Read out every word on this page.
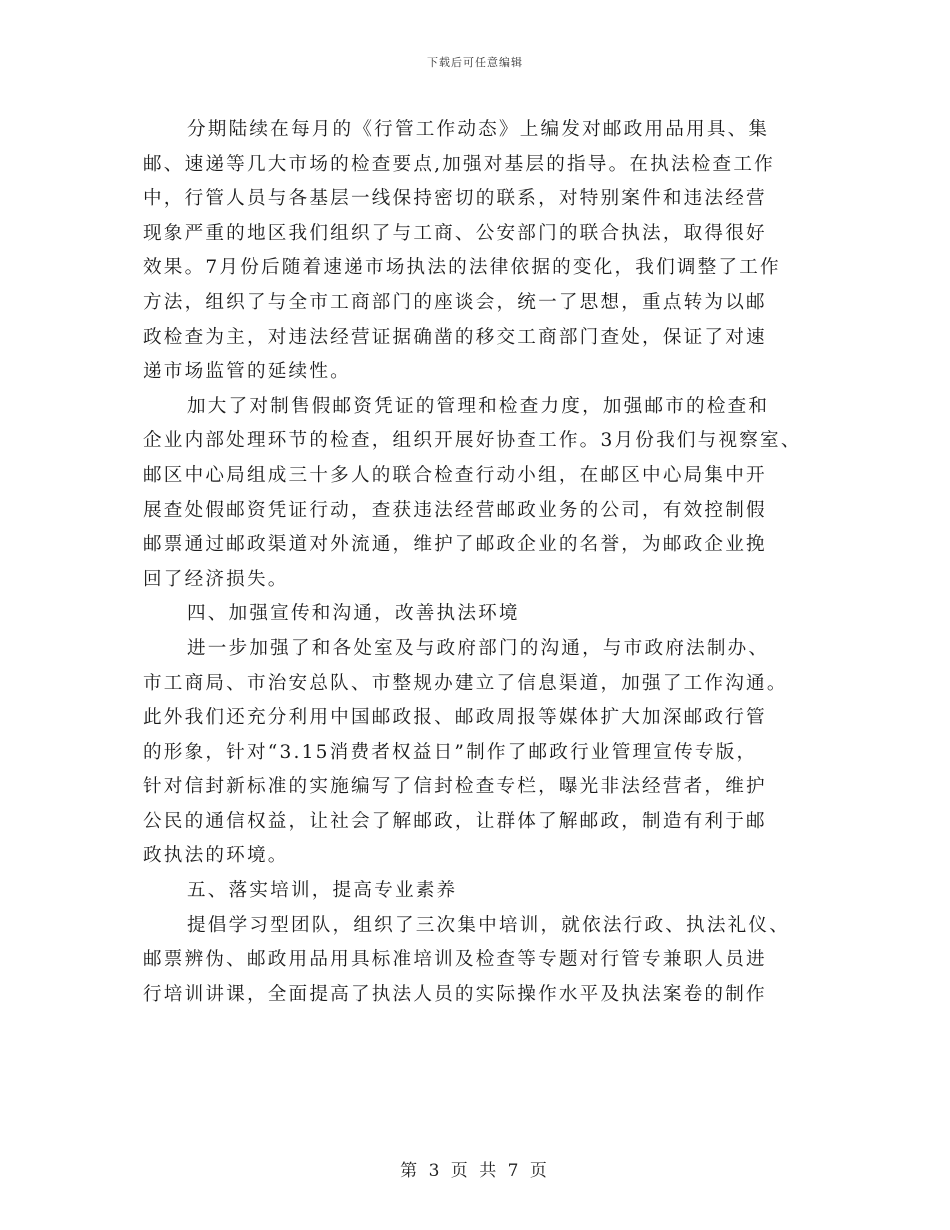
下载后可任意编辑
分期陆续在每月的《行管工作动态》上编发对邮政用品用具、集
邮、速递等几大市场的检查要点,加强对基层的指导。在执法检查工作
中，行管人员与各基层一线保持密切的联系，对特别案件和违法经营
现象严重的地区我们组织了与工商、公安部门的联合执法，取得很好
效果。7月份后随着速递市场执法的法律依据的变化，我们调整了工作
方法，组织了与全市工商部门的座谈会，统一了思想，重点转为以邮
政检查为主，对违法经营证据确凿的移交工商部门查处，保证了对速
递市场监管的延续性。
加大了对制售假邮资凭证的管理和检查力度，加强邮市的检查和
企业内部处理环节的检查，组织开展好协查工作。3月份我们与视察室、
邮区中心局组成三十多人的联合检查行动小组，在邮区中心局集中开
展查处假邮资凭证行动，查获违法经营邮政业务的公司，有效控制假
邮票通过邮政渠道对外流通，维护了邮政企业的名誉，为邮政企业挽
回了经济损失。
四、加强宣传和沟通，改善执法环境
进一步加强了和各处室及与政府部门的沟通，与市政府法制办、
市工商局、市治安总队、市整规办建立了信息渠道，加强了工作沟通。
此外我们还充分利用中国邮政报、邮政周报等媒体扩大加深邮政行管
的形象，针对“3.15消费者权益日”制作了邮政行业管理宣传专版，
针对信封新标准的实施编写了信封检查专栏，曝光非法经营者，维护
公民的通信权益，让社会了解邮政，让群体了解邮政，制造有利于邮
政执法的环境。
五、落实培训，提高专业素养
提倡学习型团队，组织了三次集中培训，就依法行政、执法礼仪、
邮票辨伪、邮政用品用具标准培训及检查等专题对行管专兼职人员进
行培训讲课，全面提高了执法人员的实际操作水平及执法案卷的制作
第 3 页 共 7 页
